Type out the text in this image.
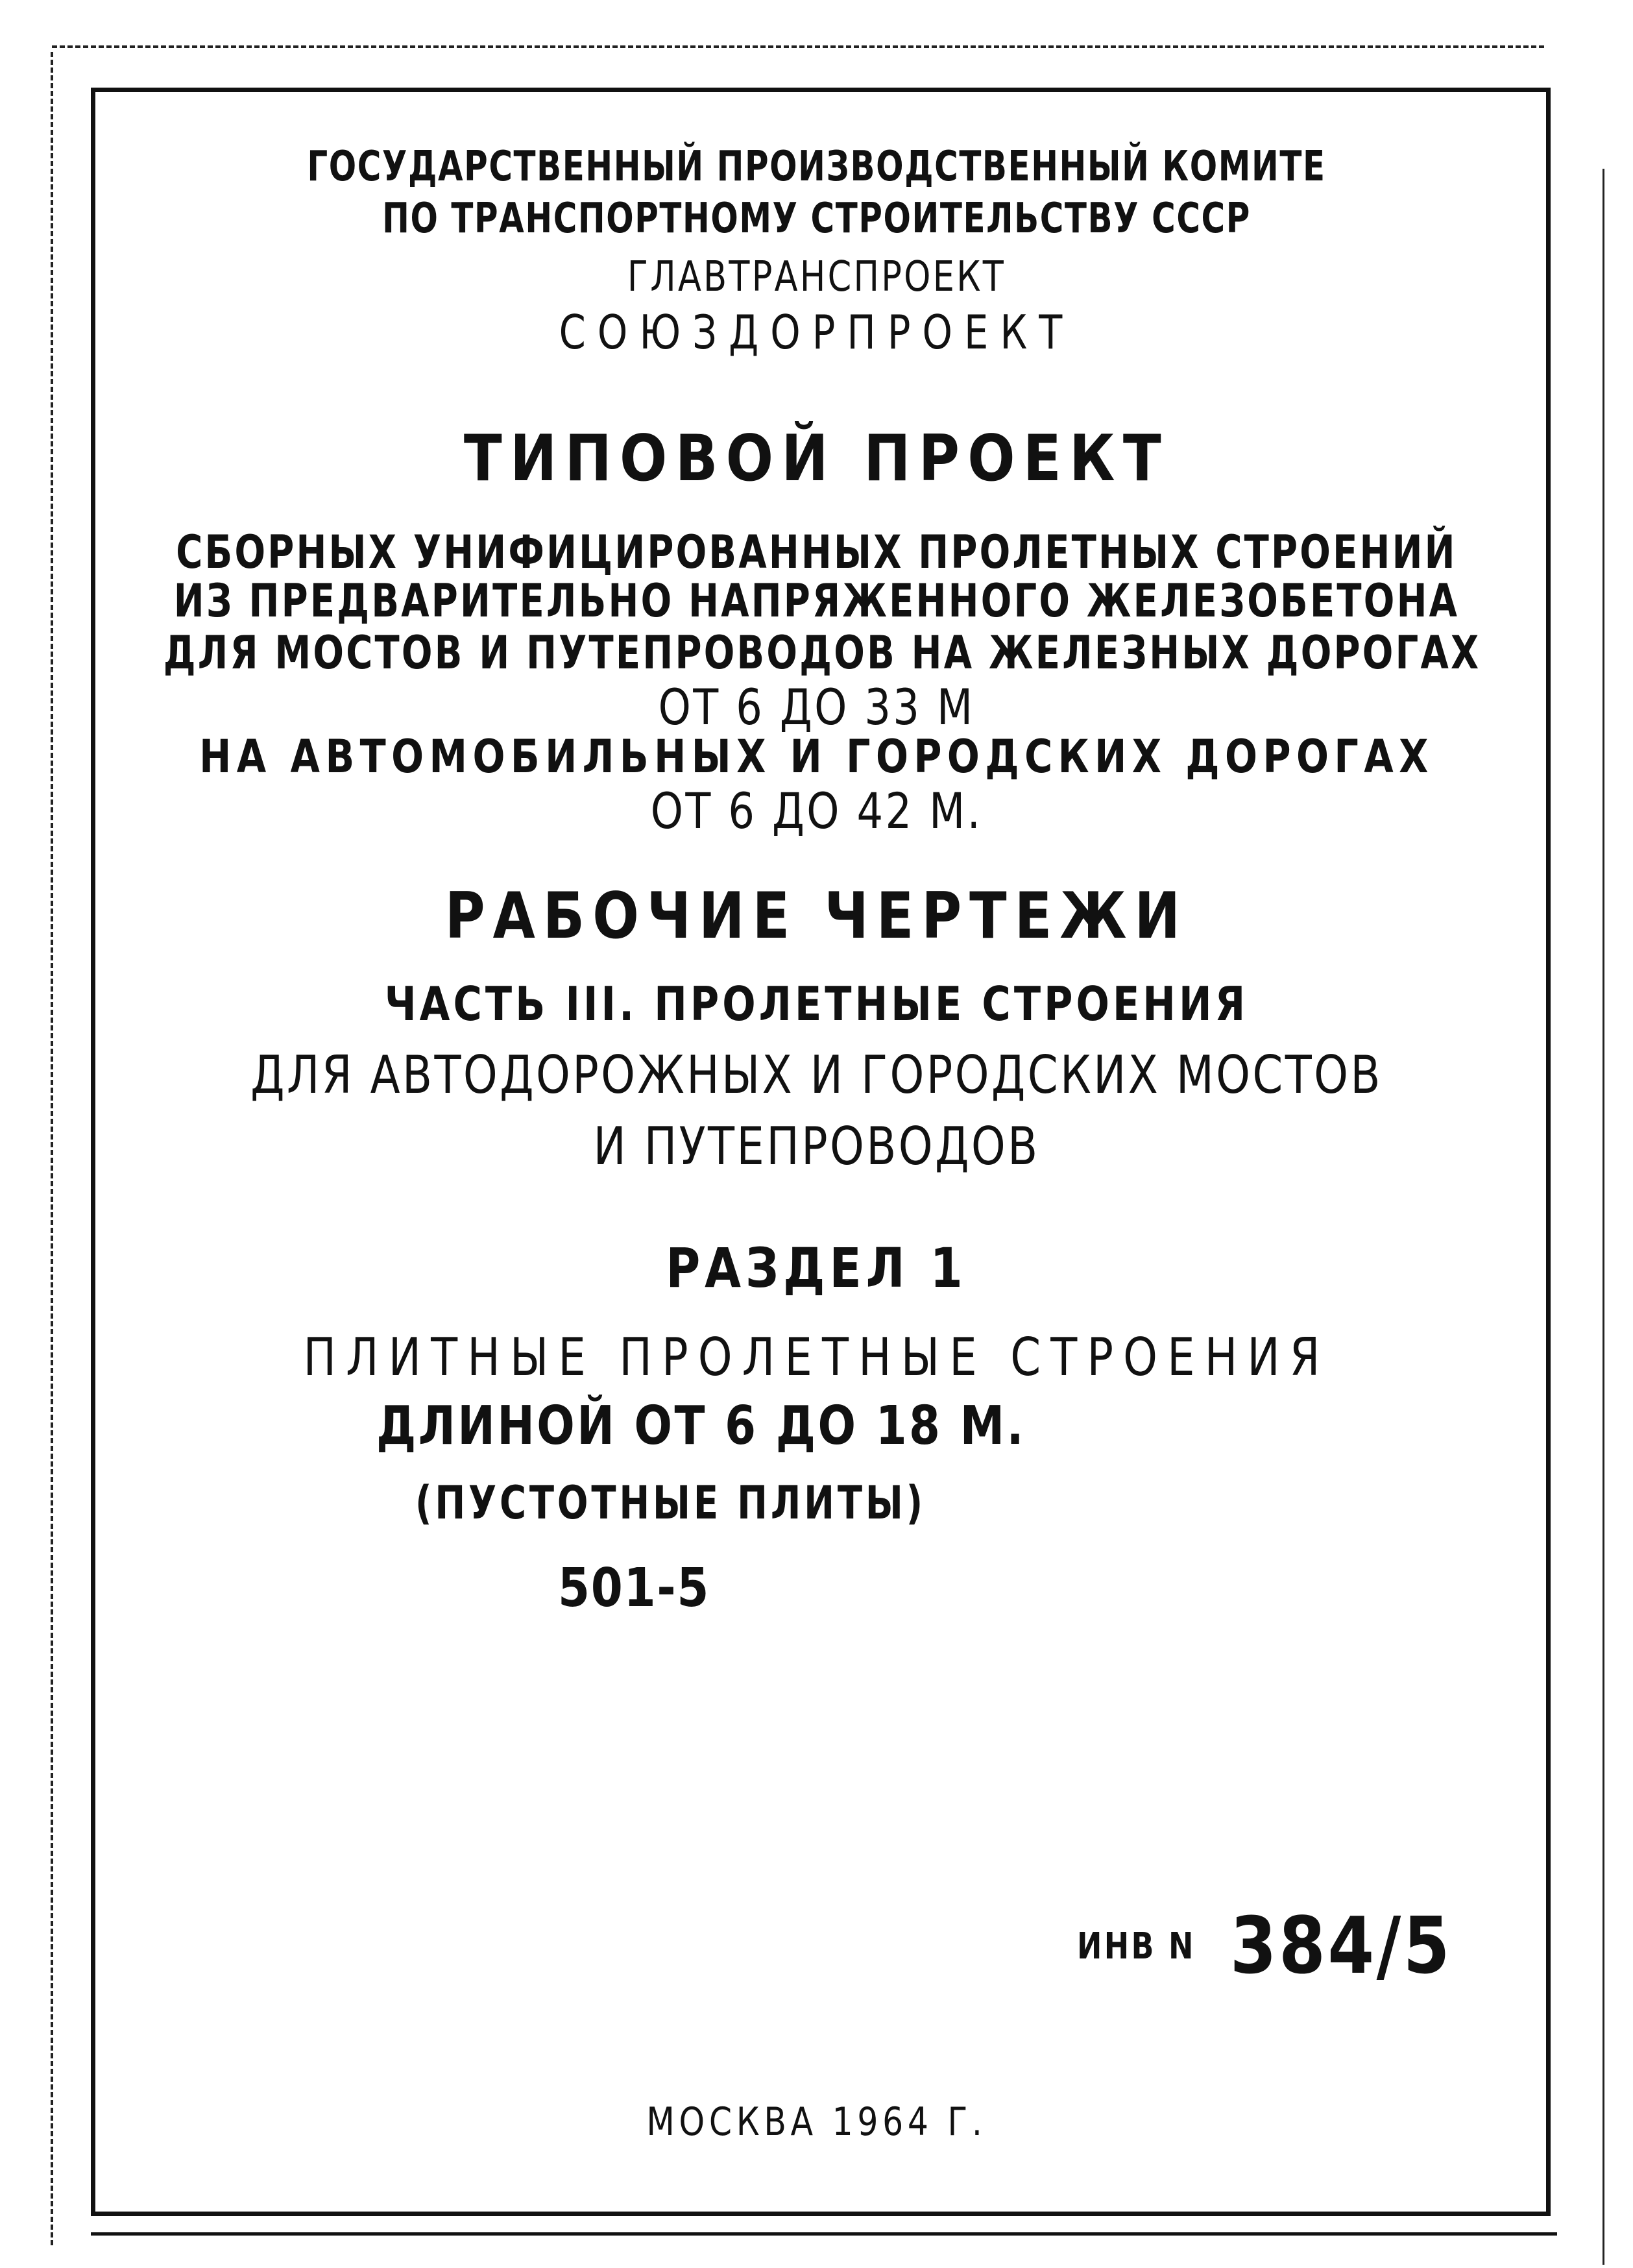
ГОСУДАРСТВЕННЫЙ ПРОИЗВОДСТВЕННЫЙ КОМИТЕ
ПО ТРАНСПОРТНОМУ СТРОИТЕЛЬСТВУ СССР
ГЛАВТРАНСПРОЕКТ
СОЮЗДОРПРОЕКТ
ТИПОВОЙ ПРОЕКТ
СБОРНЫХ УНИФИЦИРОВАННЫХ ПРОЛЕТНЫХ СТРОЕНИЙ
ИЗ ПРЕДВАРИТЕЛЬНО НАПРЯЖЕННОГО ЖЕЛЕЗОБЕТОНА
ДЛЯ МОСТОВ И ПУТЕПРОВОДОВ НА ЖЕЛЕЗНЫХ ДОРОГАХ
ОТ 6 ДО 33 М
НА АВТОМОБИЛЬНЫХ И ГОРОДСКИХ ДОРОГАХ
ОТ 6 ДО 42 М.
РАБОЧИЕ ЧЕРТЕЖИ
ЧАСТЬ III. ПРОЛЕТНЫЕ СТРОЕНИЯ
ДЛЯ АВТОДОРОЖНЫХ И ГОРОДСКИХ МОСТОВ
И ПУТЕПРОВОДОВ
РАЗДЕЛ 1
ПЛИТНЫЕ ПРОЛЕТНЫЕ СТРОЕНИЯ
ДЛИНОЙ ОТ 6 ДО 18 М.
(ПУСТОТНЫЕ ПЛИТЫ)
501-5
ИНВ N 384/5
МОСКВА 1964 Г.
